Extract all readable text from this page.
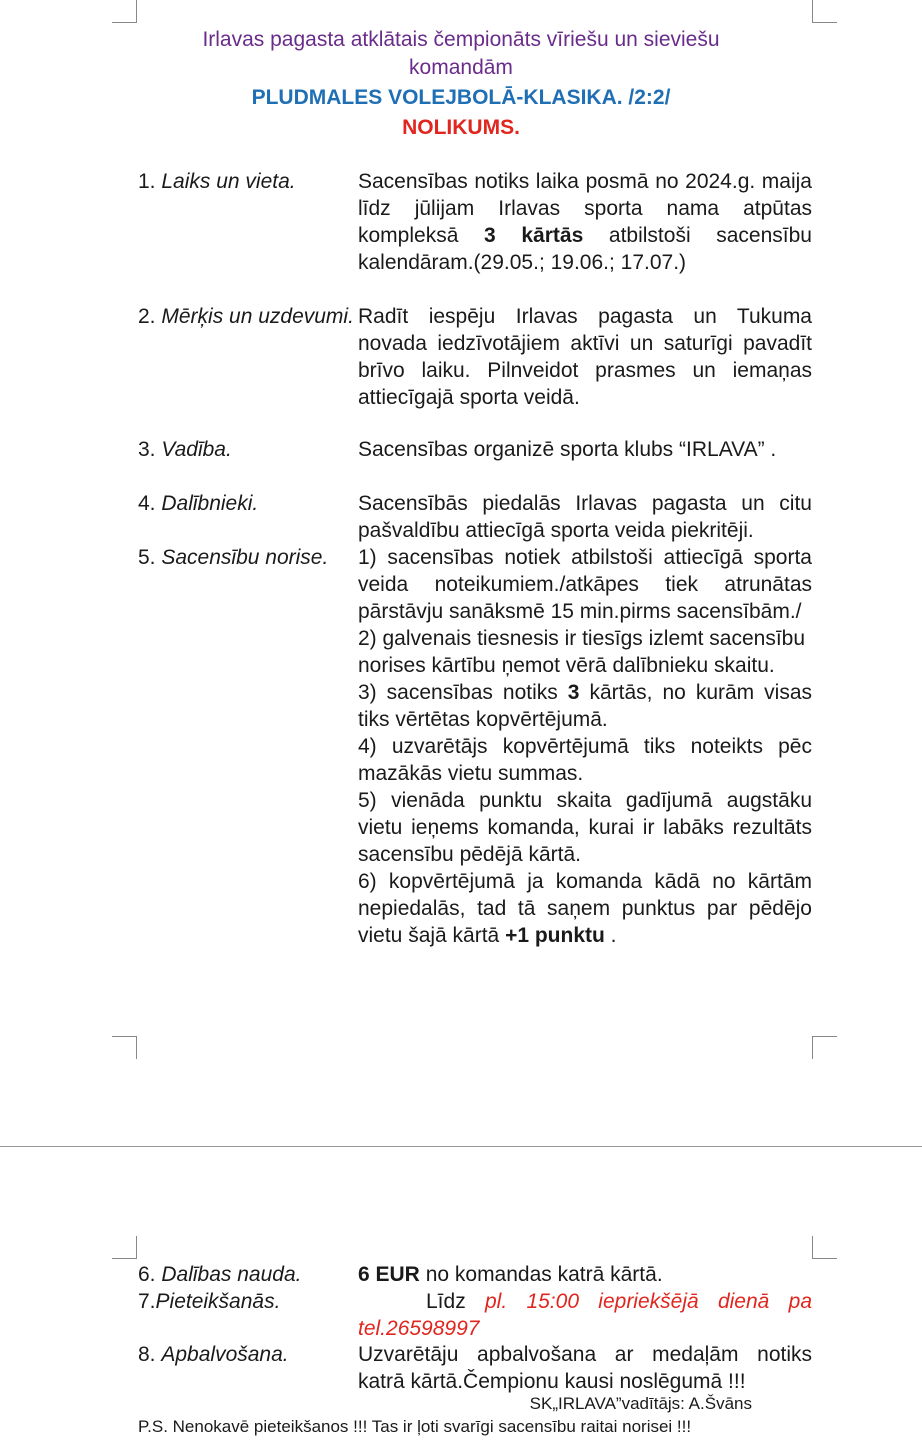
Irlavas pagasta atklātais čempionāts vīriešu un sieviešu
komandām
PLUDMALES VOLEJBOLĀ-KLASIKA. /2:2/
NOLIKUMS.
1. Laiks un vieta.	Sacensības notiks laika posmā no 2024.g. maija līdz jūlijam Irlavas sporta nama atpūtas kompleksā 3 kārtās atbilstoši sacensību kalendāram.(29.05.; 19.06.; 17.07.)
2. Mērķis un uzdevumi. Radīt iespēju Irlavas pagasta un Tukuma novada iedzīvotājiem aktīvi un saturīgi pavadīt brīvo laiku. Pilnveidot prasmes un iemaņas attiecīgajā sporta veidā.
3. Vadība.	Sacensības organizē sporta klubs “IRLAVA” .
4. Dalībnieki.	Sacensībās piedalās Irlavas pagasta un citu pašvaldību attiecīgā sporta veida piekritēji.
5. Sacensību norise. 1) sacensības notiek atbilstoši attiecīgā sporta veida noteikumiem./atkāpes tiek atrunātas pārstāvju sanāksmē 15 min.pirms sacensībām./

2) galvenais tiesnesis ir tiesīgs izlemt sacensību

norises kārtību ņemot vērā dalībnieku skaitu.

3) sacensības notiks 3 kārtās, no kurām visas tiks vērtētas kopvērtējumā.

4) uzvarētājs kopvērtējumā tiks noteikts pēc mazākās vietu summas.

5) vienāda punktu skaita gadījumā augstāku vietu ieņems komanda, kurai ir labāks rezultāts sacensību pēdējā kārtā.

6) kopvērtējumā ja komanda kādā no kārtām nepiedalās, tad tā saņem punktus par pēdējo vietu šajā kārtā +1 punktu .

6. Dalības nauda.	6 EUR no komandas katrā kārtā.
7.Pieteikšanās.	Līdz pl. 15:00 iepriekšējā dienā pa tel.26598997
8. Apbalvošana.	Uzvarētāju apbalvošana ar medaļām notiks katrā kārtā.Čempionu kausi noslēgumā !!!
SK„IRLAVA”vadītājs: A.Švāns
P.S. Nenokavē pieteikšanos !!! Tas ir ļoti svarīgi sacensību raitai norisei !!!
